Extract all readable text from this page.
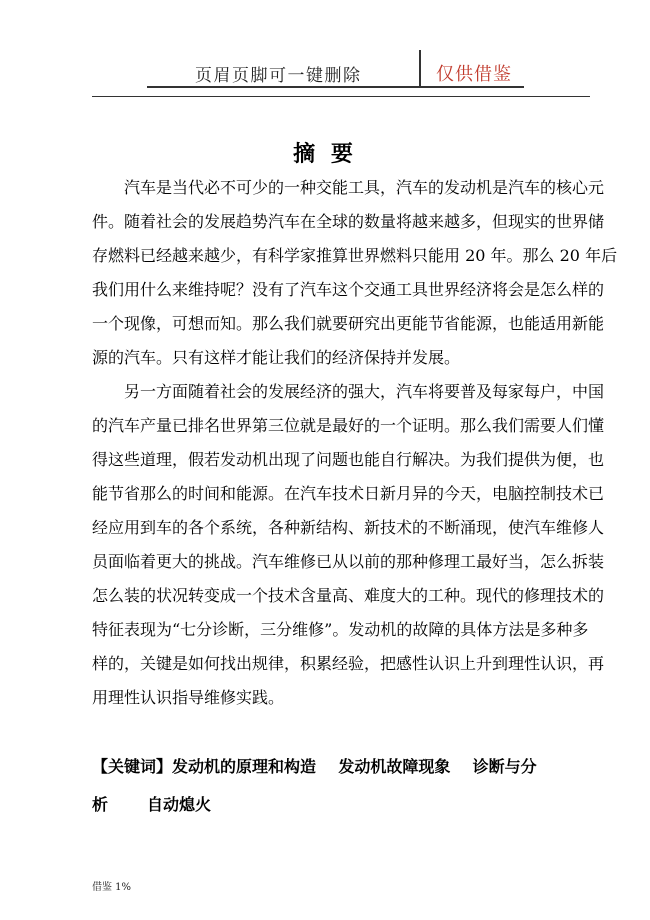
页眉页脚可一键删除	仅供借鉴
摘 要
汽车是当代必不可少的一种交能工具，汽车的发动机是汽车的核心元
件。随着社会的发展趋势汽车在全球的数量将越来越多，但现实的世界储
存燃料已经越来越少，有科学家推算世界燃料只能用 20 年。那么 20 年后
我们用什么来维持呢？没有了汽车这个交通工具世界经济将会是怎么样的
一个现像，可想而知。那么我们就要研究出更能节省能源，也能适用新能
源的汽车。只有这样才能让我们的经济保持并发展。
另一方面随着社会的发展经济的强大，汽车将要普及每家每户，中国
的汽车产量已排名世界第三位就是最好的一个证明。那么我们需要人们懂
得这些道理，假若发动机出现了问题也能自行解决。为我们提供为便，也
能节省那么的时间和能源。在汽车技术日新月异的今天，电脑控制技术已
经应用到车的各个系统，各种新结构、新技术的不断涌现，使汽车维修人
员面临着更大的挑战。汽车维修已从以前的那种修理工最好当，怎么拆装
怎么装的状况转变成一个技术含量高、难度大的工种。现代的修理技术的
特征表现为“七分诊断，三分维修”。发动机的故障的具体方法是多种多
样的，关键是如何找出规律，积累经验，把感性认识上升到理性认识，再
用理性认识指导维修实践。
【关键词】发动机的原理和构造 发动机故障现象 诊断与分析 自动熄火
借鉴 1%
